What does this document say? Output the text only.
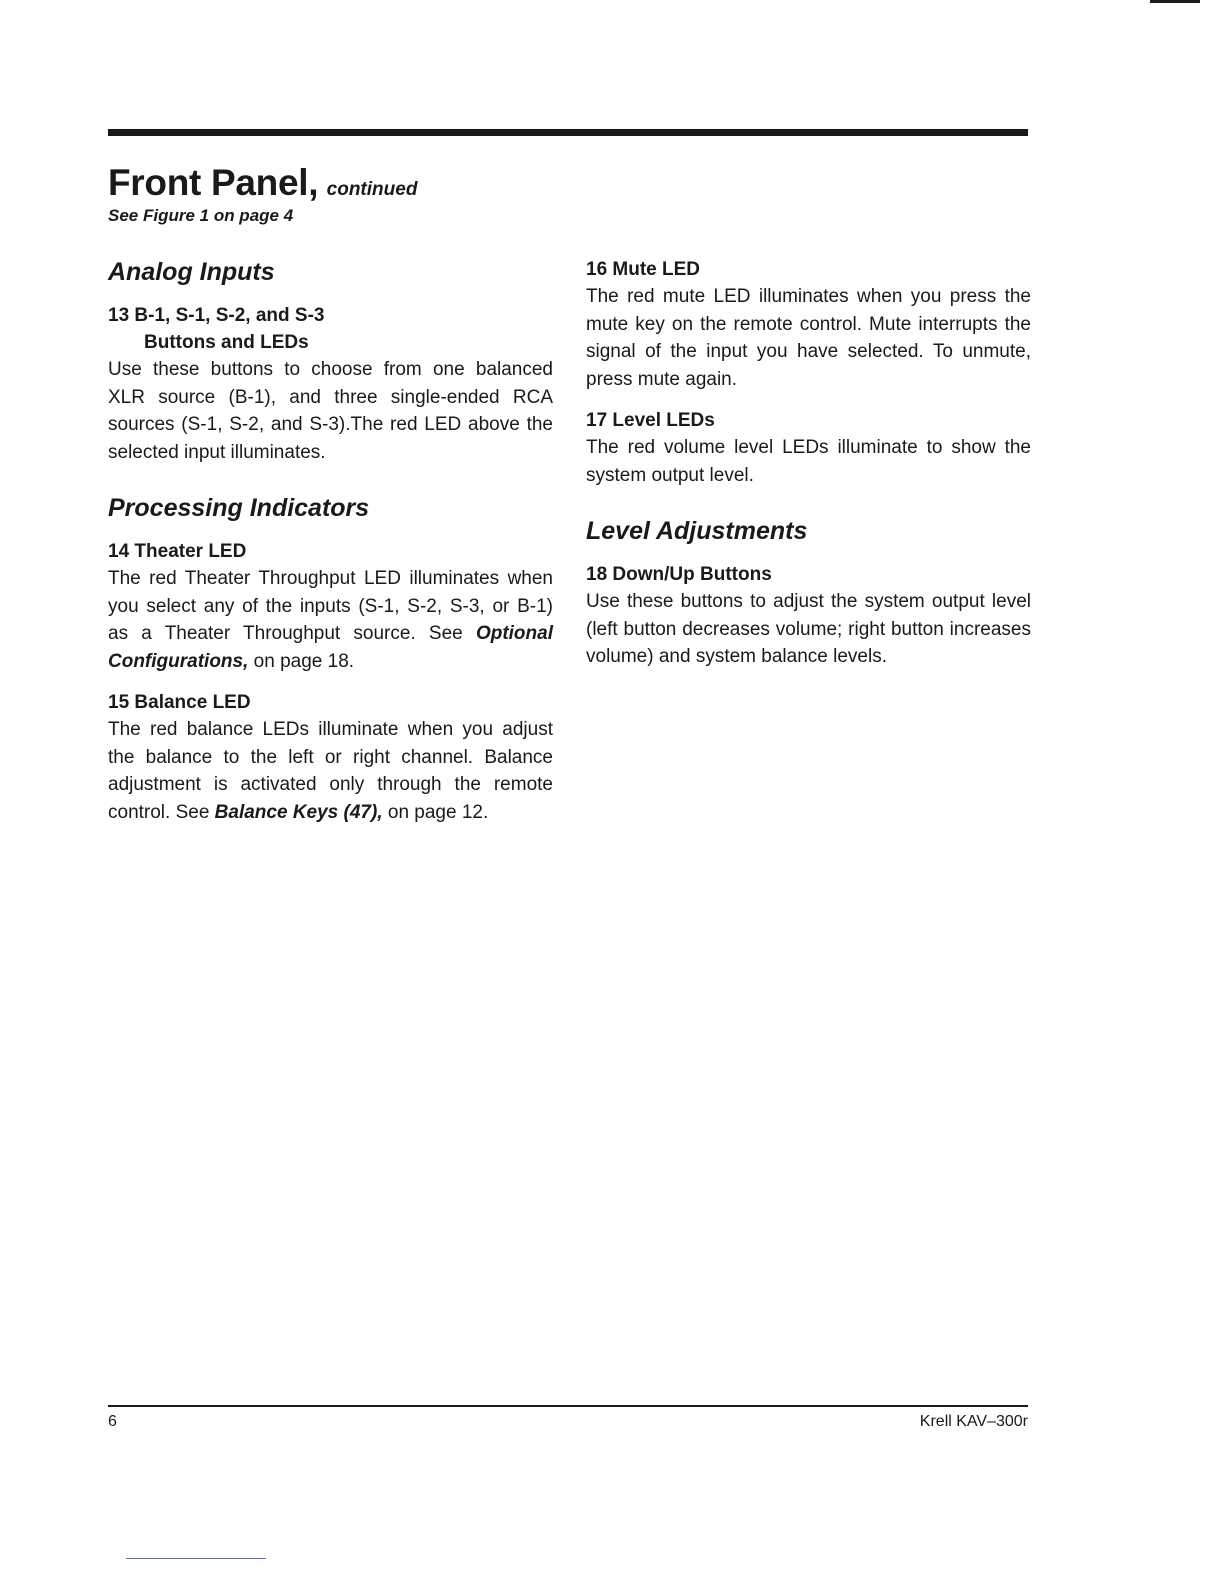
Front Panel, continued
See Figure 1 on page 4
Analog Inputs

13 B-1, S-1, S-2, and S-3
Buttons and LEDs

Use these buttons to choose from one balanced XLR source (B-1), and three single-ended RCA sources (S-1, S-2, and S-3).The red LED above the selected input illuminates.

Processing Indicators

14 Theater LED

The red Theater Throughput LED illuminates when you select any of the inputs (S-1, S-2, S-3, or B-1) as a Theater Throughput source. See Optional Configurations, on page 18.

15 Balance LED

The red balance LEDs illuminate when you adjust the balance to the left or right channel. Balance adjustment is activated only through the remote control. See Balance Keys (47), on page 12.

16 Mute LED

The red mute LED illuminates when you press the mute key on the remote control. Mute interrupts the signal of the input you have selected. To unmute, press mute again.

17 Level LEDs

The red volume level LEDs illuminate to show the system output level.

Level Adjustments

18 Down/Up Buttons

Use these buttons to adjust the system output level (left button decreases volume; right button increases volume) and system balance levels.

6	Krell KAV–300r
